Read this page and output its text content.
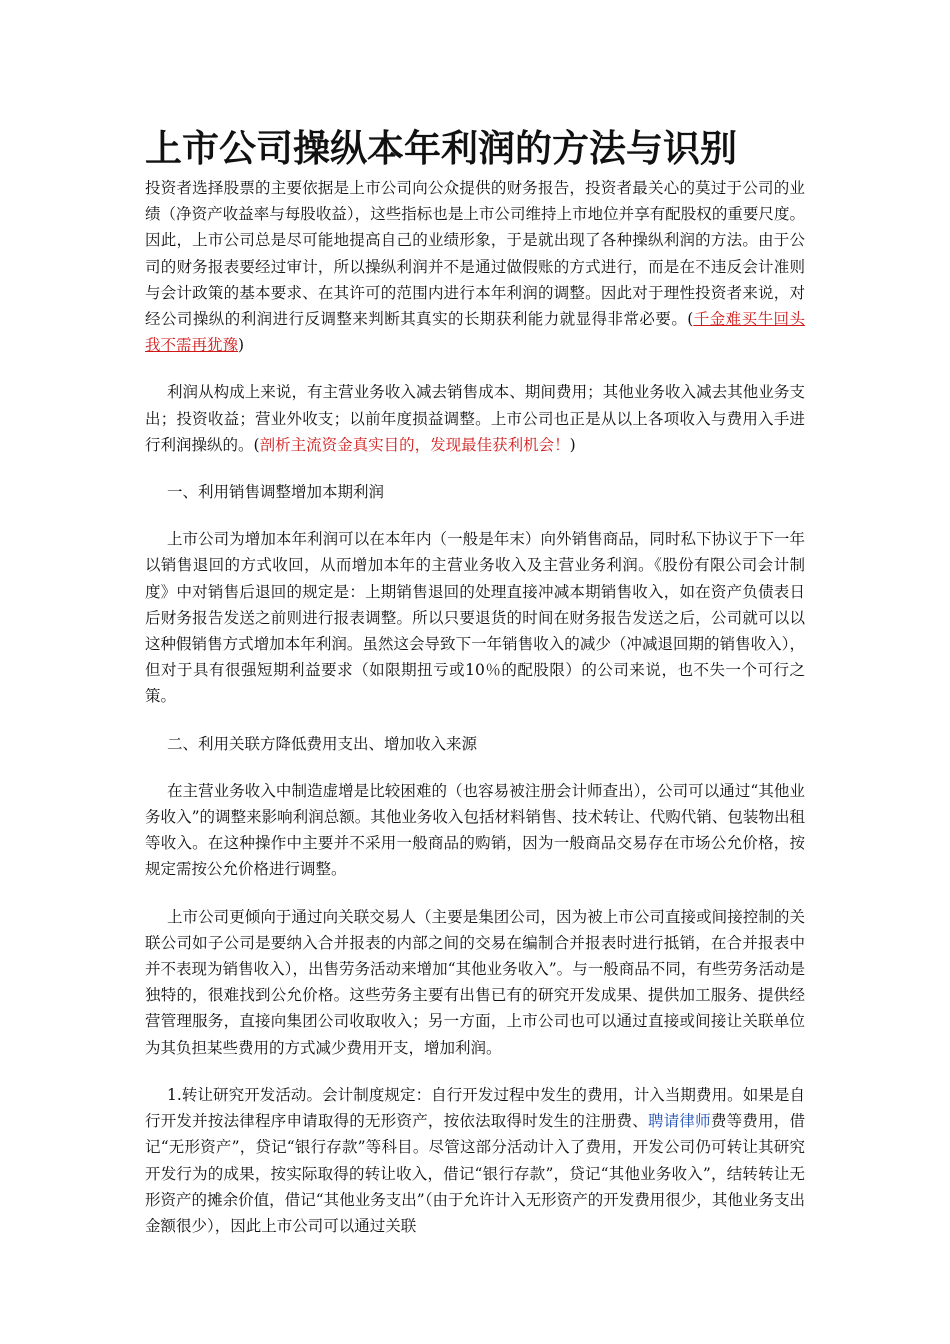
上市公司操纵本年利润的方法与识别

投资者选择股票的主要依据是上市公司向公众提供的财务报告，投资者最关心的莫过于公司的业绩（净资产收益率与每股收益），这些指标也是上市公司维持上市地位并享有配股权的重要尺度。因此，上市公司总是尽可能地提高自己的业绩形象，于是就出现了各种操纵利润的方法。由于公司的财务报表要经过审计，所以操纵利润并不是通过做假账的方式进行，而是在不违反会计准则与会计政策的基本要求、在其许可的范围内进行本年利润的调整。因此对于理性投资者来说，对经公司操纵的利润进行反调整来判断其真实的长期获利能力就显得非常必要。(千金难买牛回头 我不需再犹豫)

利润从构成上来说，有主营业务收入减去销售成本、期间费用；其他业务收入减去其他业务支出；投资收益；营业外收支；以前年度损益调整。上市公司也正是从以上各项收入与费用入手进行利润操纵的。(剖析主流资金真实目的，发现最佳获利机会！)

一、利用销售调整增加本期利润

上市公司为增加本年利润可以在本年内（一般是年末）向外销售商品，同时私下协议于下一年以销售退回的方式收回，从而增加本年的主营业务收入及主营业务利润。《股份有限公司会计制度》中对销售后退回的规定是：上期销售退回的处理直接冲减本期销售收入，如在资产负债表日后财务报告发送之前则进行报表调整。所以只要退货的时间在财务报告发送之后，公司就可以以这种假销售方式增加本年利润。虽然这会导致下一年销售收入的减少（冲减退回期的销售收入），但对于具有很强短期利益要求（如限期扭亏或10％的配股限）的公司来说，也不失一个可行之策。

二、利用关联方降低费用支出、增加收入来源

在主营业务收入中制造虚增是比较困难的（也容易被注册会计师查出），公司可以通过“其他业务收入”的调整来影响利润总额。其他业务收入包括材料销售、技术转让、代购代销、包装物出租等收入。在这种操作中主要并不采用一般商品的购销，因为一般商品交易存在市场公允价格，按规定需按公允价格进行调整。

上市公司更倾向于通过向关联交易人（主要是集团公司，因为被上市公司直接或间接控制的关联公司如子公司是要纳入合并报表的内部之间的交易在编制合并报表时进行抵销，在合并报表中并不表现为销售收入），出售劳务活动来增加“其他业务收入”。与一般商品不同，有些劳务活动是独特的，很难找到公允价格。这些劳务主要有出售已有的研究开发成果、提供加工服务、提供经营管理服务，直接向集团公司收取收入；另一方面，上市公司也可以通过直接或间接让关联单位为其负担某些费用的方式减少费用开支，增加利润。

1.转让研究开发活动。会计制度规定：自行开发过程中发生的费用，计入当期费用。如果是自行开发并按法律程序申请取得的无形资产，按依法取得时发生的注册费、聘请律师费等费用，借记“无形资产”，贷记“银行存款”等科目。尽管这部分活动计入了费用，开发公司仍可转让其研究开发行为的成果，按实际取得的转让收入，借记“银行存款”，贷记“其他业务收入”，结转转让无形资产的摊余价值，借记“其他业务支出”（由于允许计入无形资产的开发费用很少，其他业务支出金额很少），因此上市公司可以通过关联
